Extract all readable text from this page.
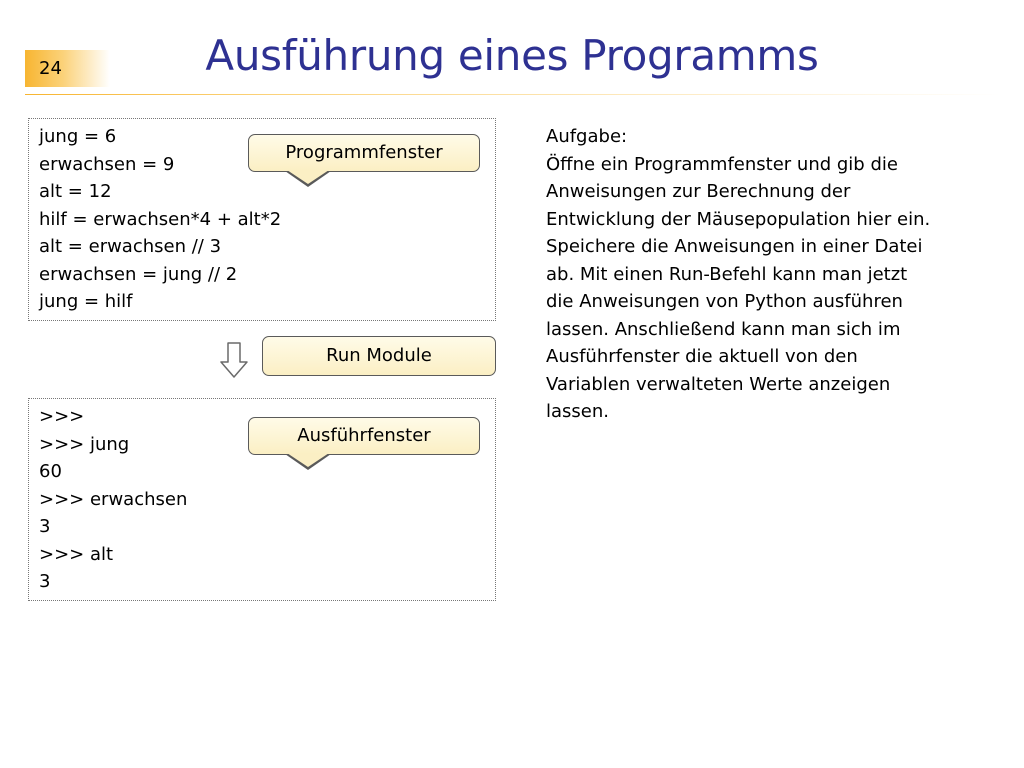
24	Ausführung eines Programms
jung = 6
erwachsen = 9
alt = 12
hilf = erwachsen*4 + alt*2
alt = erwachsen // 3
erwachsen = jung // 2
jung = hilf
Programmfenster
Run Module
>>>
>>> jung
60
>>> erwachsen
3
>>> alt
3
Ausführfenster
Aufgabe:
Öffne ein Programmfenster und gib die
Anweisungen zur Berechnung der
Entwicklung der Mäusepopulation hier ein.
Speichere die Anweisungen in einer Datei
ab. Mit einen Run-Befehl kann man jetzt
die Anweisungen von Python ausführen
lassen. Anschließend kann man sich im
Ausführfenster die aktuell von den
Variablen verwalteten Werte anzeigen
lassen.
